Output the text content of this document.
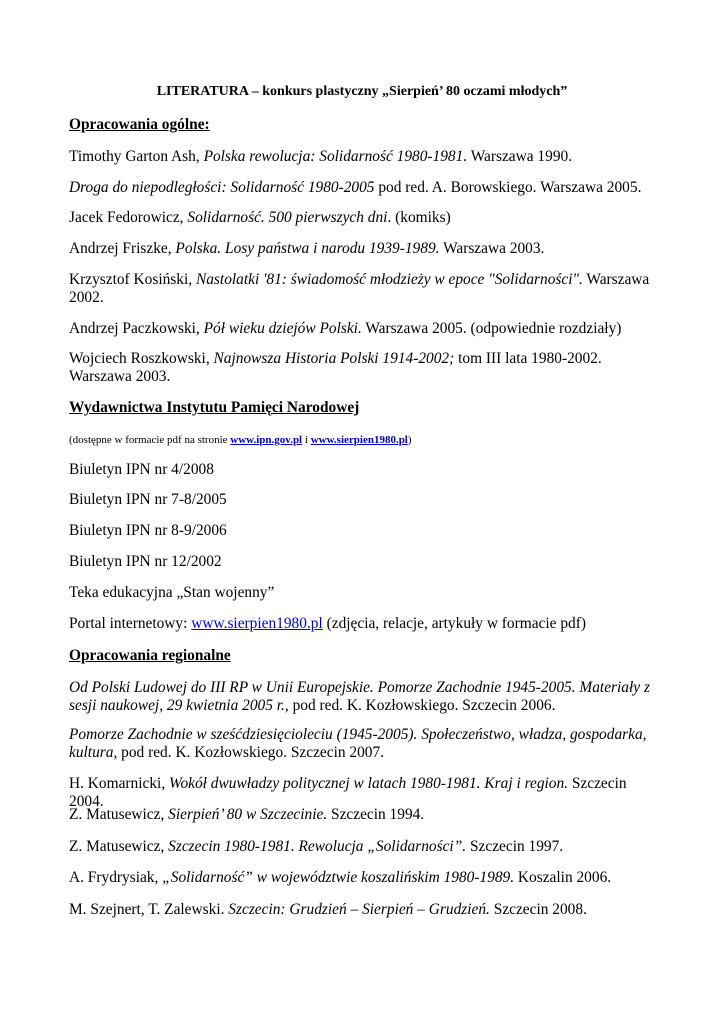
LITERATURA – konkurs plastyczny „Sierpień’ 80 oczami młodych”
Opracowania ogólne:
Timothy Garton Ash, Polska rewolucja: Solidarność 1980-1981. Warszawa 1990.
Droga do niepodległości: Solidarność 1980-2005 pod red. A. Borowskiego. Warszawa 2005.
Jacek Fedorowicz, Solidarność. 500 pierwszych dni. (komiks)
Andrzej Friszke, Polska. Losy państwa i narodu 1939-1989. Warszawa 2003.
Krzysztof Kosiński, Nastolatki '81: świadomość młodzieży w epoce "Solidarności". Warszawa 2002.
Andrzej Paczkowski, Pół wieku dziejów Polski. Warszawa 2005. (odpowiednie rozdziały)
Wojciech Roszkowski, Najnowsza Historia Polski 1914-2002; tom III lata 1980-2002. Warszawa 2003.
Wydawnictwa Instytutu Pamięci Narodowej
(dostępne w formacie pdf na stronie www.ipn.gov.pl i www.sierpien1980.pl)
Biuletyn IPN nr 4/2008
Biuletyn IPN nr 7-8/2005
Biuletyn IPN nr 8-9/2006
Biuletyn IPN nr 12/2002
Teka edukacyjna „Stan wojenny”
Portal internetowy: www.sierpien1980.pl (zdjęcia, relacje, artykuły w formacie pdf)
Opracowania regionalne
Od Polski Ludowej do III RP w Unii Europejskie. Pomorze Zachodnie 1945-2005. Materiały z sesji naukowej, 29 kwietnia 2005 r., pod red. K. Kozłowskiego. Szczecin 2006.
Pomorze Zachodnie w sześćdziesięcioleciu (1945-2005). Społeczeństwo, władza, gospodarka, kultura, pod red. K. Kozłowskiego. Szczecin 2007.
H. Komarnicki, Wokół dwuwładzy politycznej w latach 1980-1981. Kraj i region. Szczecin 2004.
Z. Matusewicz, Sierpień’ 80 w Szczecinie. Szczecin 1994.
Z. Matusewicz, Szczecin 1980-1981. Rewolucja „Solidarności”. Szczecin 1997.
A. Frydrysiak, „Solidarność” w województwie koszalińskim 1980-1989. Koszalin 2006.
M. Szejnert, T. Zalewski. Szczecin: Grudzień – Sierpień – Grudzień. Szczecin 2008.
